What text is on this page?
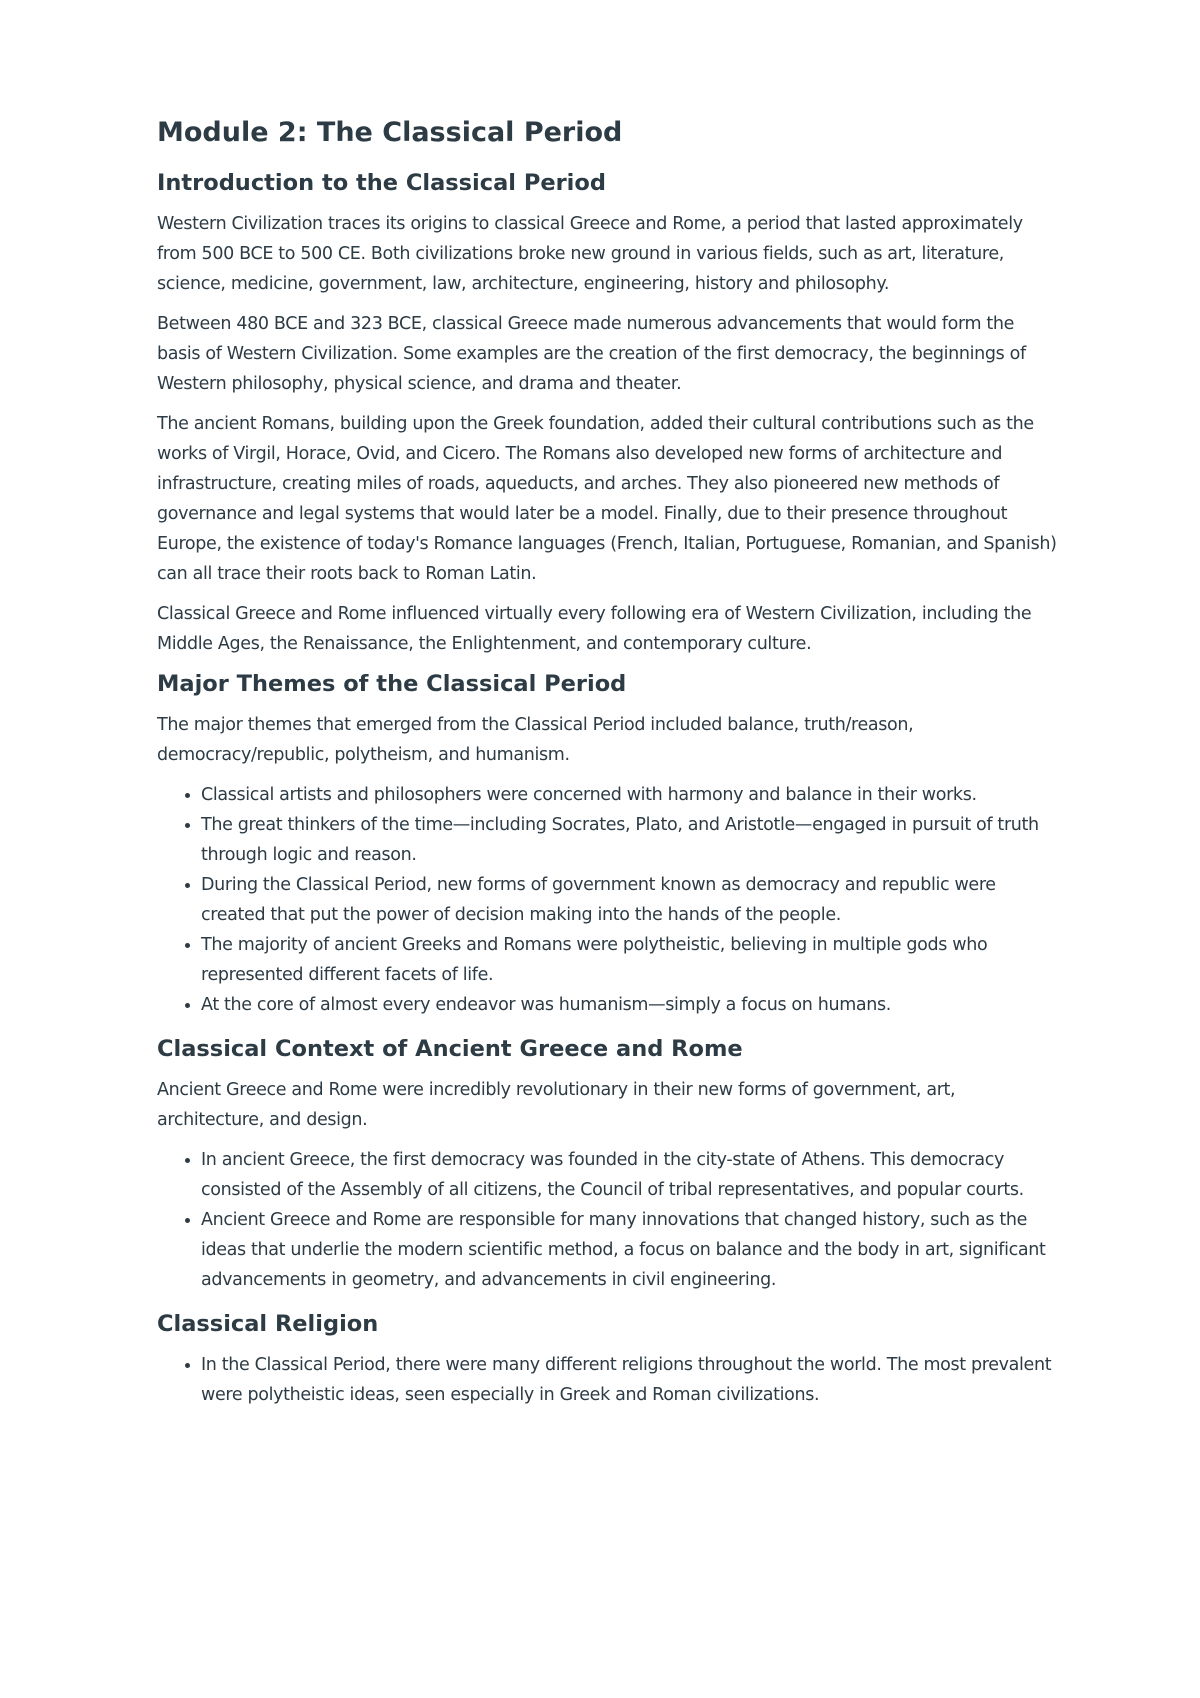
Module 2: The Classical Period
Introduction to the Classical Period

Western Civilization traces its origins to classical Greece and Rome, a period that lasted approximately from 500 BCE to 500 CE. Both civilizations broke new ground in various fields, such as art, literature, science, medicine, government, law, architecture, engineering, history and philosophy.

Between 480 BCE and 323 BCE, classical Greece made numerous advancements that would form the basis of Western Civilization. Some examples are the creation of the first democracy, the beginnings of Western philosophy, physical science, and drama and theater.

The ancient Romans, building upon the Greek foundation, added their cultural contributions such as the works of Virgil, Horace, Ovid, and Cicero. The Romans also developed new forms of architecture and infrastructure, creating miles of roads, aqueducts, and arches. They also pioneered new methods of governance and legal systems that would later be a model. Finally, due to their presence throughout Europe, the existence of today's Romance languages (French, Italian, Portuguese, Romanian, and Spanish) can all trace their roots back to Roman Latin.

Classical Greece and Rome influenced virtually every following era of Western Civilization, including the Middle Ages, the Renaissance, the Enlightenment, and contemporary culture.

Major Themes of the Classical Period

The major themes that emerged from the Classical Period included balance, truth/reason, democracy/republic, polytheism, and humanism.

• Classical artists and philosophers were concerned with harmony and balance in their works.
• The great thinkers of the time—including Socrates, Plato, and Aristotle—engaged in pursuit of truth through logic and reason.
• During the Classical Period, new forms of government known as democracy and republic were created that put the power of decision making into the hands of the people.
• The majority of ancient Greeks and Romans were polytheistic, believing in multiple gods who represented different facets of life.
• At the core of almost every endeavor was humanism—simply a focus on humans.
Classical Context of Ancient Greece and Rome

Ancient Greece and Rome were incredibly revolutionary in their new forms of government, art, architecture, and design.

• In ancient Greece, the first democracy was founded in the city-state of Athens. This democracy consisted of the Assembly of all citizens, the Council of tribal representatives, and popular courts.
• Ancient Greece and Rome are responsible for many innovations that changed history, such as the ideas that underlie the modern scientific method, a focus on balance and the body in art, significant advancements in geometry, and advancements in civil engineering.
Classical Religion
• In the Classical Period, there were many different religions throughout the world. The most prevalent were polytheistic ideas, seen especially in Greek and Roman civilizations.
